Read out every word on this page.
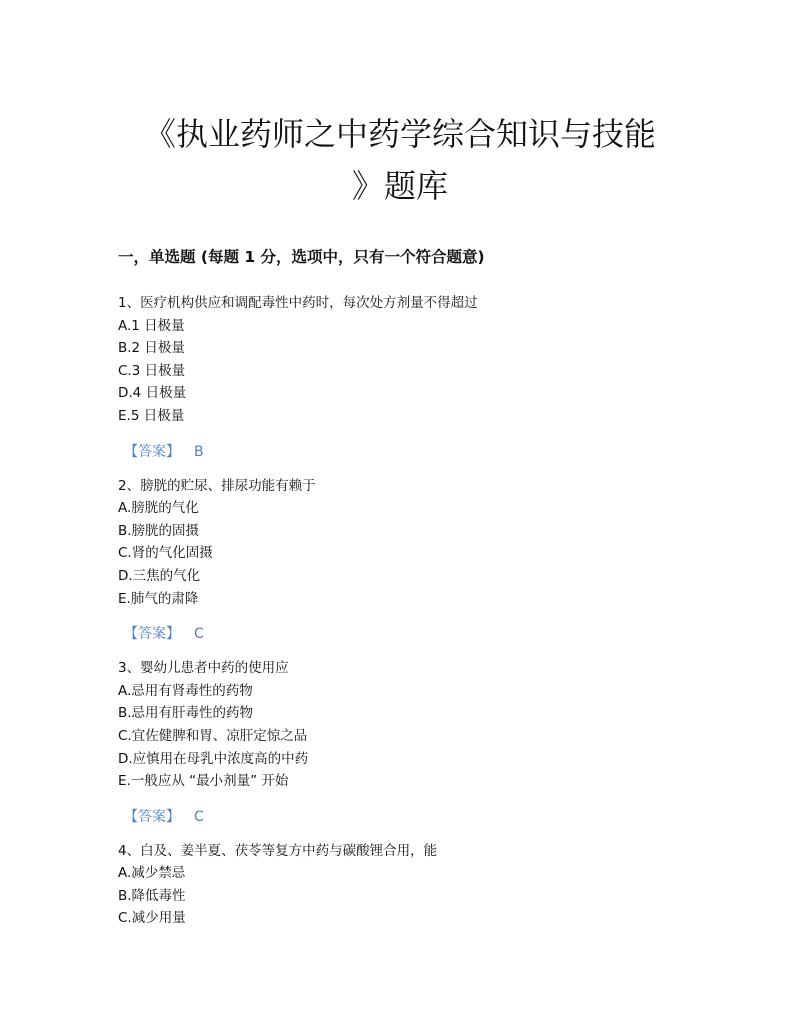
《执业药师之中药学综合知识与技能
》题库
一，单选题 (每题 1 分，选项中，只有一个符合题意)

1、医疗机构供应和调配毒性中药时，每次处方剂量不得超过

A.1 日极量

B.2 日极量

C.3 日极量

D.4 日极量

E.5 日极量

【答案】 B

2、膀胱的贮尿、排尿功能有赖于

A.膀胱的气化

B.膀胱的固摄

C.肾的气化固摄

D.三焦的气化

E.肺气的肃降

【答案】 C

3、婴幼儿患者中药的使用应

A.忌用有肾毒性的药物

B.忌用有肝毒性的药物

C.宜佐健脾和胃、凉肝定惊之品

D.应慎用在母乳中浓度高的中药

E.一般应从 “最小剂量” 开始

【答案】 C

4、白及、姜半夏、茯苓等复方中药与碳酸锂合用，能

A.减少禁忌

B.降低毒性

C.减少用量
